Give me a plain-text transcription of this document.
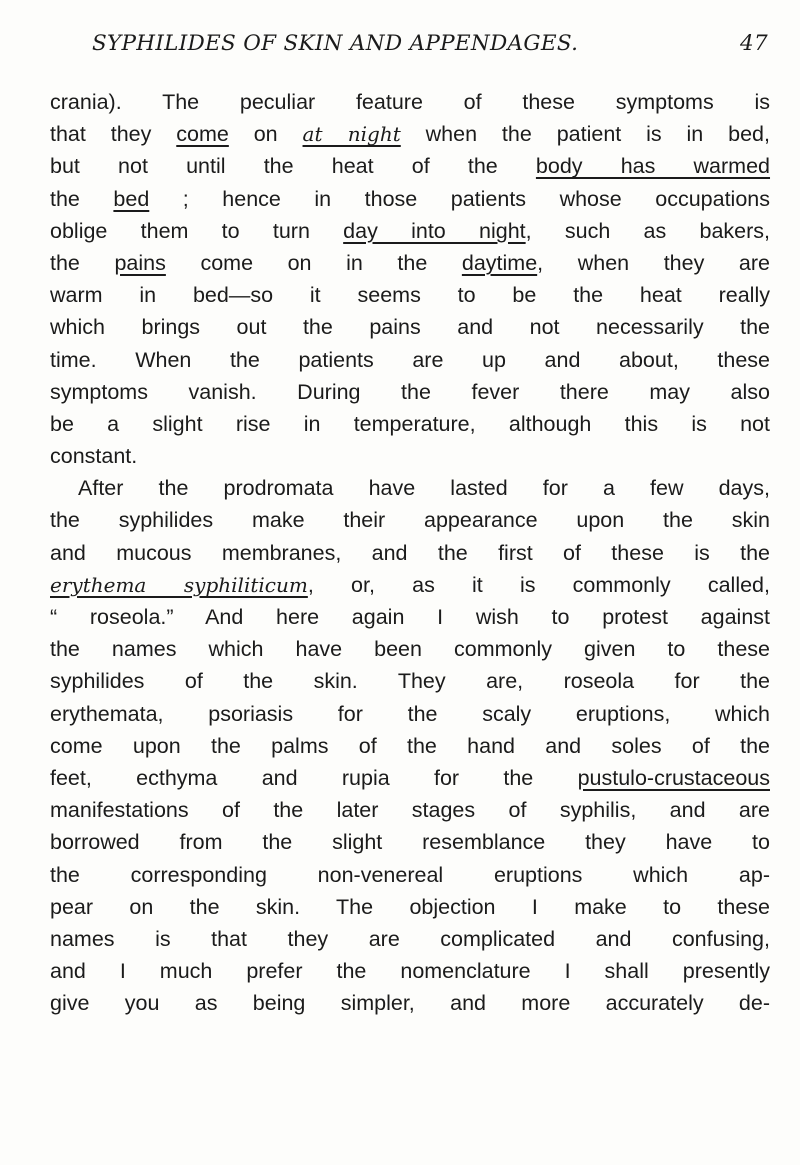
SYPHILIDES OF SKIN AND APPENDAGES.	47
crania). The peculiar feature of these symptoms is
that they come on at night when the patient is in bed,
but not until the heat of the body has warmed
the bed ; hence in those patients whose occupations
oblige them to turn day into night, such as bakers,
the pains come on in the daytime, when they are
warm in bed—so it seems to be the heat really
which brings out the pains and not necessarily the
time. When the patients are up and about, these
symptoms vanish. During the fever there may also
be a slight rise in temperature, although this is not
constant.
After the prodromata have lasted for a few days,
the syphilides make their appearance upon the skin
and mucous membranes, and the first of these is the
erythema syphiliticum, or, as it is commonly called,
“ roseola.” And here again I wish to protest against
the names which have been commonly given to these
syphilides of the skin. They are, roseola for the
erythemata, psoriasis for the scaly eruptions, which
come upon the palms of the hand and soles of the
feet, ecthyma and rupia for the pustulo-crustaceous
manifestations of the later stages of syphilis, and are
borrowed from the slight resemblance they have to
the corresponding non-venereal eruptions which ap-
pear on the skin. The objection I make to these
names is that they are complicated and confusing,
and I much prefer the nomenclature I shall presently
give you as being simpler, and more accurately de-
